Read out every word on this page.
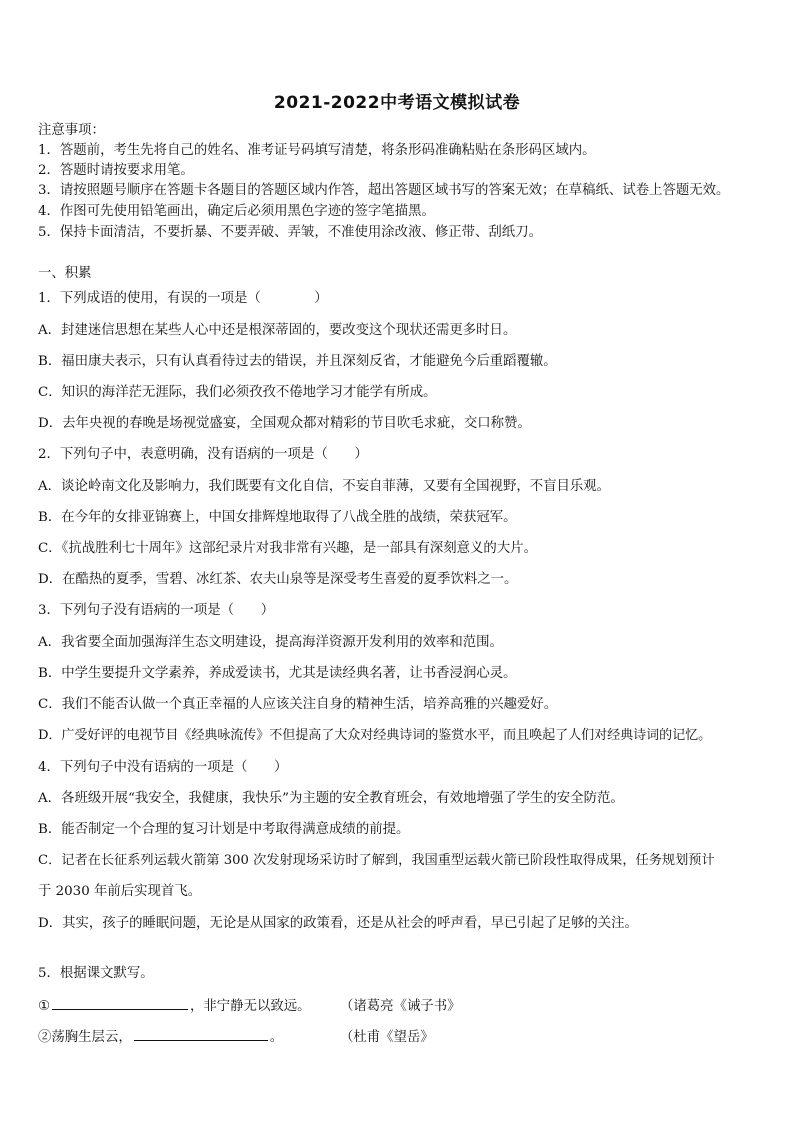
2021-2022中考语文模拟试卷
注意事项：
1．答题前，考生先将自己的姓名、准考证号码填写清楚，将条形码准确粘贴在条形码区域内。
2．答题时请按要求用笔。
3．请按照题号顺序在答题卡各题目的答题区域内作答，超出答题区域书写的答案无效；在草稿纸、试卷上答题无效。
4．作图可先使用铅笔画出，确定后必须用黑色字迹的签字笔描黑。
5．保持卡面清洁，不要折暴、不要弄破、弄皱，不准使用涂改液、修正带、刮纸刀。
一、积累
1．下列成语的使用，有误的一项是（　　　　）
A．封建迷信思想在某些人心中还是根深蒂固的，要改变这个现状还需更多时日。
B．福田康夫表示，只有认真看待过去的错误，并且深刻反省，才能避免今后重蹈覆辙。
C．知识的海洋茫无涯际，我们必须孜孜不倦地学习才能学有所成。
D．去年央视的春晚是场视觉盛宴，全国观众都对精彩的节目吹毛求疵，交口称赞。
2．下列句子中，表意明确，没有语病的一项是（　　）
A．谈论岭南文化及影响力，我们既要有文化自信，不妄自菲薄，又要有全国视野，不盲目乐观。
B．在今年的女排亚锦赛上，中国女排辉煌地取得了八战全胜的战绩，荣获冠军。
C．《抗战胜利七十周年》这部纪录片对我非常有兴趣，是一部具有深刻意义的大片。
D．在酷热的夏季，雪碧、冰红茶、农夫山泉等是深受考生喜爱的夏季饮料之一。
3．下列句子没有语病的一项是（　　）
A．我省要全面加强海洋生态文明建设，提高海洋资源开发利用的效率和范围。
B．中学生要提升文学素养，养成爱读书，尤其是读经典名著，让书香浸润心灵。
C．我们不能否认做一个真正幸福的人应该关注自身的精神生活，培养高雅的兴趣爱好。
D．广受好评的电视节目《经典咏流传》不但提高了大众对经典诗词的鉴赏水平，而且唤起了人们对经典诗词的记忆。
4．下列句子中没有语病的一项是（　　）
A．各班级开展“我安全，我健康，我快乐”为主题的安全教育班会，有效地增强了学生的安全防范。
B．能否制定一个合理的复习计划是中考取得满意成绩的前提。
C．记者在长征系列运载火箭第 300 次发射现场采访时了解到，我国重型运载火箭已阶段性取得成果，任务规划预计
于 2030 年前后实现首飞。
D．其实，孩子的睡眠问题，无论是从国家的政策看，还是从社会的呼声看，早已引起了足够的关注。
5．根据课文默写。
①	，非宁静无以致远。 （诸葛亮《诫子书》
②荡胸生层云，	。	（杜甫《望岳》
